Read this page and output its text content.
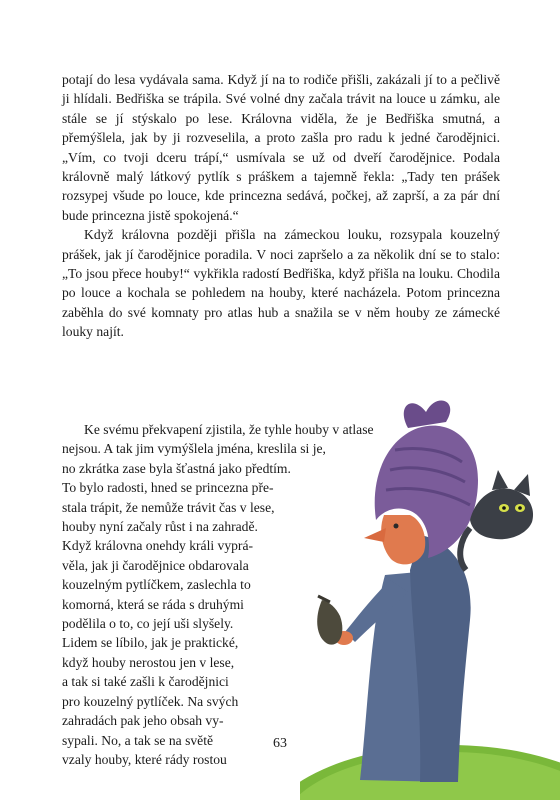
potají do lesa vydávala sama. Když jí na to rodiče přišli, zakázali jí to a pečlivě ji hlídali. Bedřiška se trápila. Své volné dny začala trávit na louce u zámku, ale stále se jí stýskalo po lese. Královna viděla, že je Bedřiška smutná, a přemýšlela, jak by ji rozveselila, a proto zašla pro radu k jedné čarodějnici. „Vím, co tvoji dceru trápí,“ usmívala se už od dveří čarodějnice. Podala královně malý látkový pytlík s práškem a tajemně řekla: „Tady ten prášek rozsypej všude po louce, kde princezna sedává, počkej, až zaprší, a za pár dní bude princezna jistě spokojená.“

Když královna později přišla na zámeckou louku, rozsypala kouzelný prášek, jak jí čarodějnice poradila. V noci zapršelo a za několik dní se to stalo: „To jsou přece houby!“ vykřikla radostí Bedřiška, když přišla na louku. Chodila po louce a kochala se pohledem na houby, které nacházela. Potom princezna zaběhla do své komnaty pro atlas hub a snažila se v něm houby ze zámecké louky najít.

Ke svému překvapení zjistila, že tyhle houby v atlase
nejsou. A tak jim vymýšlela jména, kreslila si je,
no zkrátka zase byla šťastná jako předtím.
To bylo radosti, hned se princezna pře-
stala trápit, že nemůže trávit čas v lese,
houby nyní začaly růst i na zahradě.
Když královna onehdy králi vyprá-
věla, jak ji čarodějnice obdarovala
kouzelným pytlíčkem, zaslechla to
komorná, která se ráda s druhými
podělila o to, co její uši slyšely.
Lidem se líbilo, jak je praktické,
když houby nerostou jen v lese,
a tak si také zašli k čarodějnici
pro kouzelný pytlíček. Na svých
zahradách pak jeho obsah vy-
sypali. No, a tak se na světě
vzaly houby, které rády rostou
63
